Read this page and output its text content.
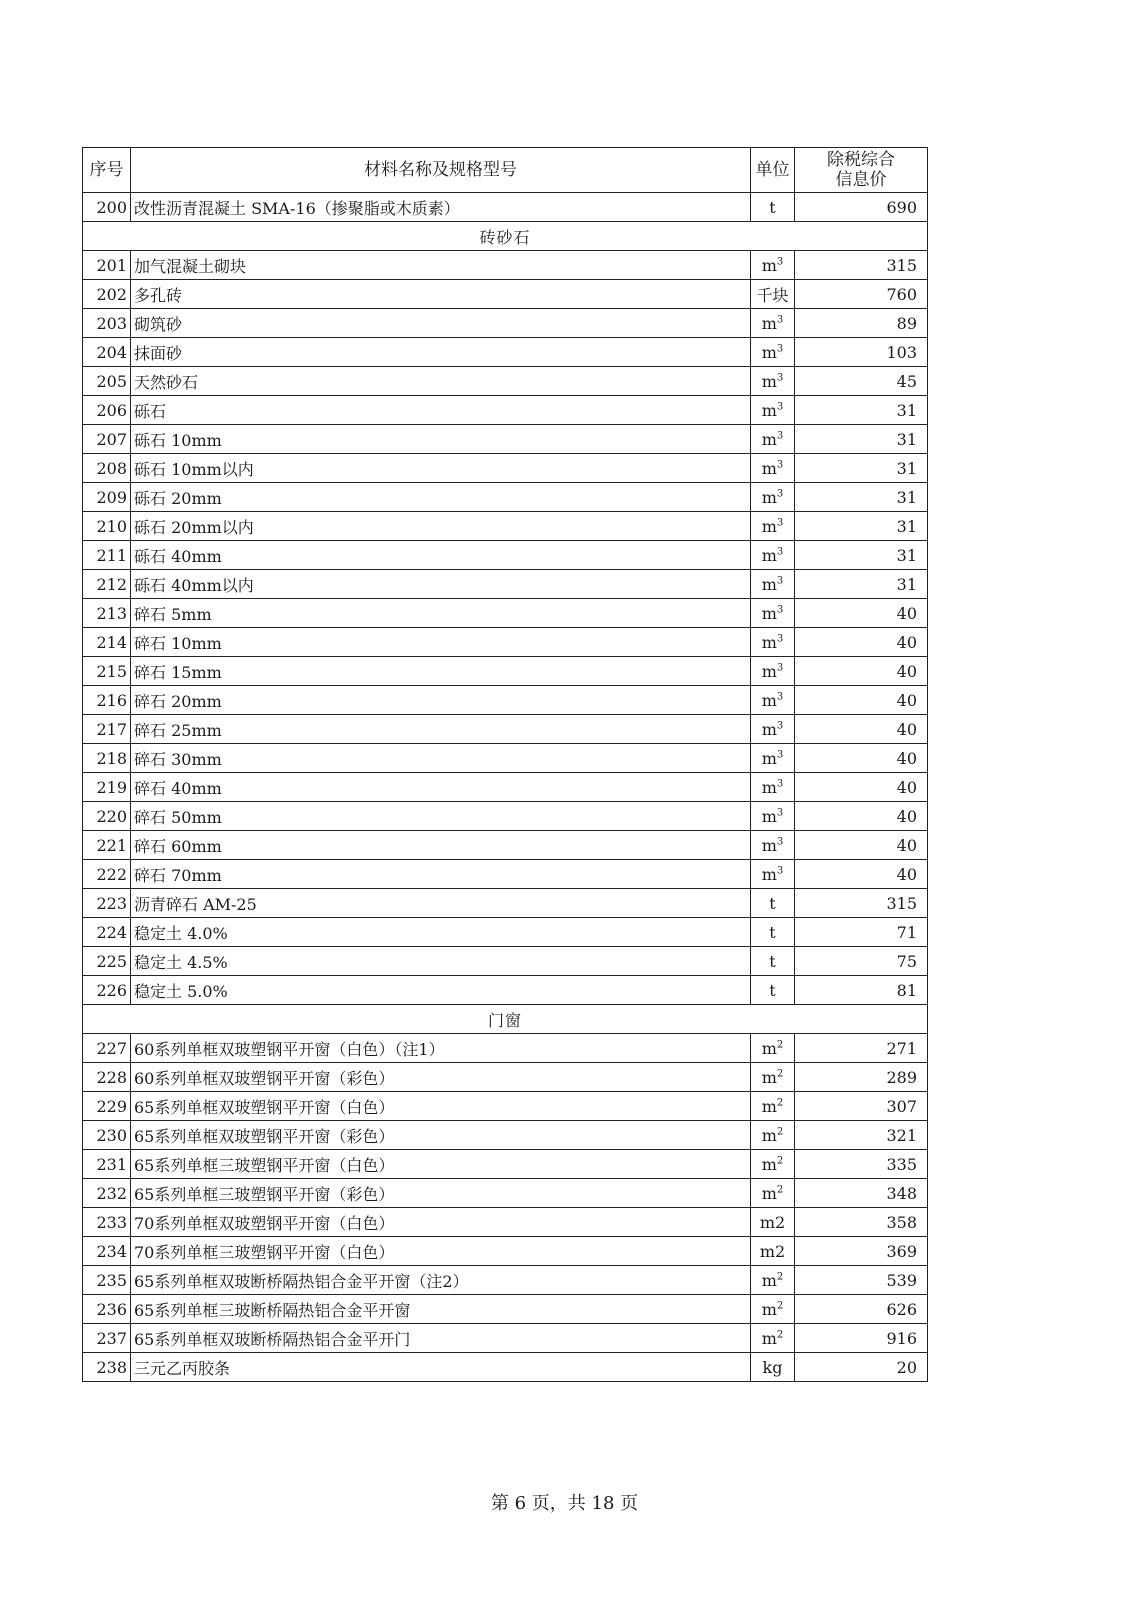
序号	材料名称及规格型号	单位	除税综合
信息价

200	改性沥青混凝土 SMA-16（掺聚脂或木质素）	t	690
砖砂石			
201	加气混凝土砌块	$m^3$	315
202	多孔砖	千块	760
203	砌筑砂	$m^3$	89
204	抹面砂	$m^3$	103
205	天然砂石	$m^3$	45
206	砾石	$m^3$	31
207	砾石 10mm	$m^3$	31
208	砾石 10mm以内	$m^3$	31
209	砾石 20mm	$m^3$	31
210	砾石 20mm以内	$m^3$	31
211	砾石 40mm	$m^3$	31
212	砾石 40mm以内	$m^3$	31
213	碎石 5mm	$m^3$	40
214	碎石 10mm	$m^3$	40
215	碎石 15mm	$m^3$	40
216	碎石 20mm	$m^3$	40
217	碎石 25mm	$m^3$	40
218	碎石 30mm	$m^3$	40
219	碎石 40mm	$m^3$	40
220	碎石 50mm	$m^3$	40
221	碎石 60mm	$m^3$	40
222	碎石 70mm	$m^3$	40
223	沥青碎石 AM-25	t	315
224	稳定土 4.0%	t	71
225	稳定土 4.5%	t	75
226	稳定土 5.0%	t	81
门窗			
227	60系列单框双玻塑钢平开窗（白色）（注1）	$m^2$	271
228	60系列单框双玻塑钢平开窗（彩色）	$m^2$	289
229	65系列单框双玻塑钢平开窗（白色）	$m^2$	307
230	65系列单框双玻塑钢平开窗（彩色）	$m^2$	321
231	65系列单框三玻塑钢平开窗（白色）	$m^2$	335
232	65系列单框三玻塑钢平开窗（彩色）	$m^2$	348
233	70系列单框双玻塑钢平开窗（白色）	m2	358
234	70系列单框三玻塑钢平开窗（白色）	m2	369
235	65系列单框双玻断桥隔热铝合金平开窗（注2）	$m^2$	539
236	65系列单框三玻断桥隔热铝合金平开窗	$m^2$	626
237	65系列单框双玻断桥隔热铝合金平开门	$m^2$	916
238	三元乙丙胶条	kg	20
第 6 页，共 18 页
